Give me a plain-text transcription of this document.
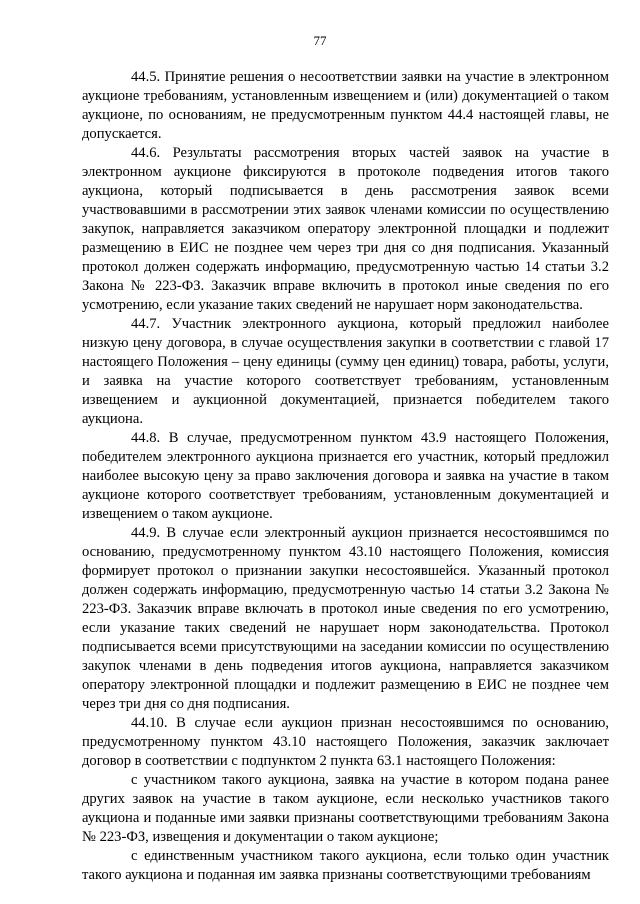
77

44.5. Принятие решения о несоответствии заявки на участие в электронном аукционе требованиям, установленным извещением и (или) документацией о таком аукционе, по основаниям, не предусмотренным пунктом 44.4 настоящей главы, не допускается.

44.6. Результаты рассмотрения вторых частей заявок на участие в электронном аукционе фиксируются в протоколе подведения итогов такого аукциона, который подписывается в день рассмотрения заявок всеми участвовавшими в рассмотрении этих заявок членами комиссии по осуществлению закупок, направляется заказчиком оператору электронной площадки и подлежит размещению в ЕИС не позднее чем через три дня со дня подписания. Указанный протокол должен содержать информацию, предусмотренную частью 14 статьи 3.2 Закона № 223-ФЗ. Заказчик вправе включить в протокол иные сведения по его усмотрению, если указание таких сведений не нарушает норм законодательства.

44.7. Участник электронного аукциона, который предложил наиболее низкую цену договора, в случае осуществления закупки в соответствии с главой 17 настоящего Положения – цену единицы (сумму цен единиц) товара, работы, услуги, и заявка на участие которого соответствует требованиям, установленным извещением и аукционной документацией, признается победителем такого аукциона.

44.8. В случае, предусмотренном пунктом 43.9 настоящего Положения, победителем электронного аукциона признается его участник, который предложил наиболее высокую цену за право заключения договора и заявка на участие в таком аукционе которого соответствует требованиям, установленным документацией и извещением о таком аукционе.

44.9. В случае если электронный аукцион признается несостоявшимся по основанию, предусмотренному пунктом 43.10 настоящего Положения, комиссия формирует протокол о признании закупки несостоявшейся. Указанный протокол должен содержать информацию, предусмотренную частью 14 статьи 3.2 Закона № 223-ФЗ. Заказчик вправе включать в протокол иные сведения по его усмотрению, если указание таких сведений не нарушает норм законодательства. Протокол подписывается всеми присутствующими на заседании комиссии по осуществлению закупок членами в день подведения итогов аукциона, направляется заказчиком оператору электронной площадки и подлежит размещению в ЕИС не позднее чем через три дня со дня подписания.

44.10. В случае если аукцион признан несостоявшимся по основанию, предусмотренному пунктом 43.10 настоящего Положения, заказчик заключает договор в соответствии с подпунктом 2 пункта 63.1 настоящего Положения:

с участником такого аукциона, заявка на участие в котором подана ранее других заявок на участие в таком аукционе, если несколько участников такого аукциона и поданные ими заявки признаны соответствующими требованиям Закона № 223-ФЗ, извещения и документации о таком аукционе;

с единственным участником такого аукциона, если только один участник такого аукциона и поданная им заявка признаны соответствующими требованиям
